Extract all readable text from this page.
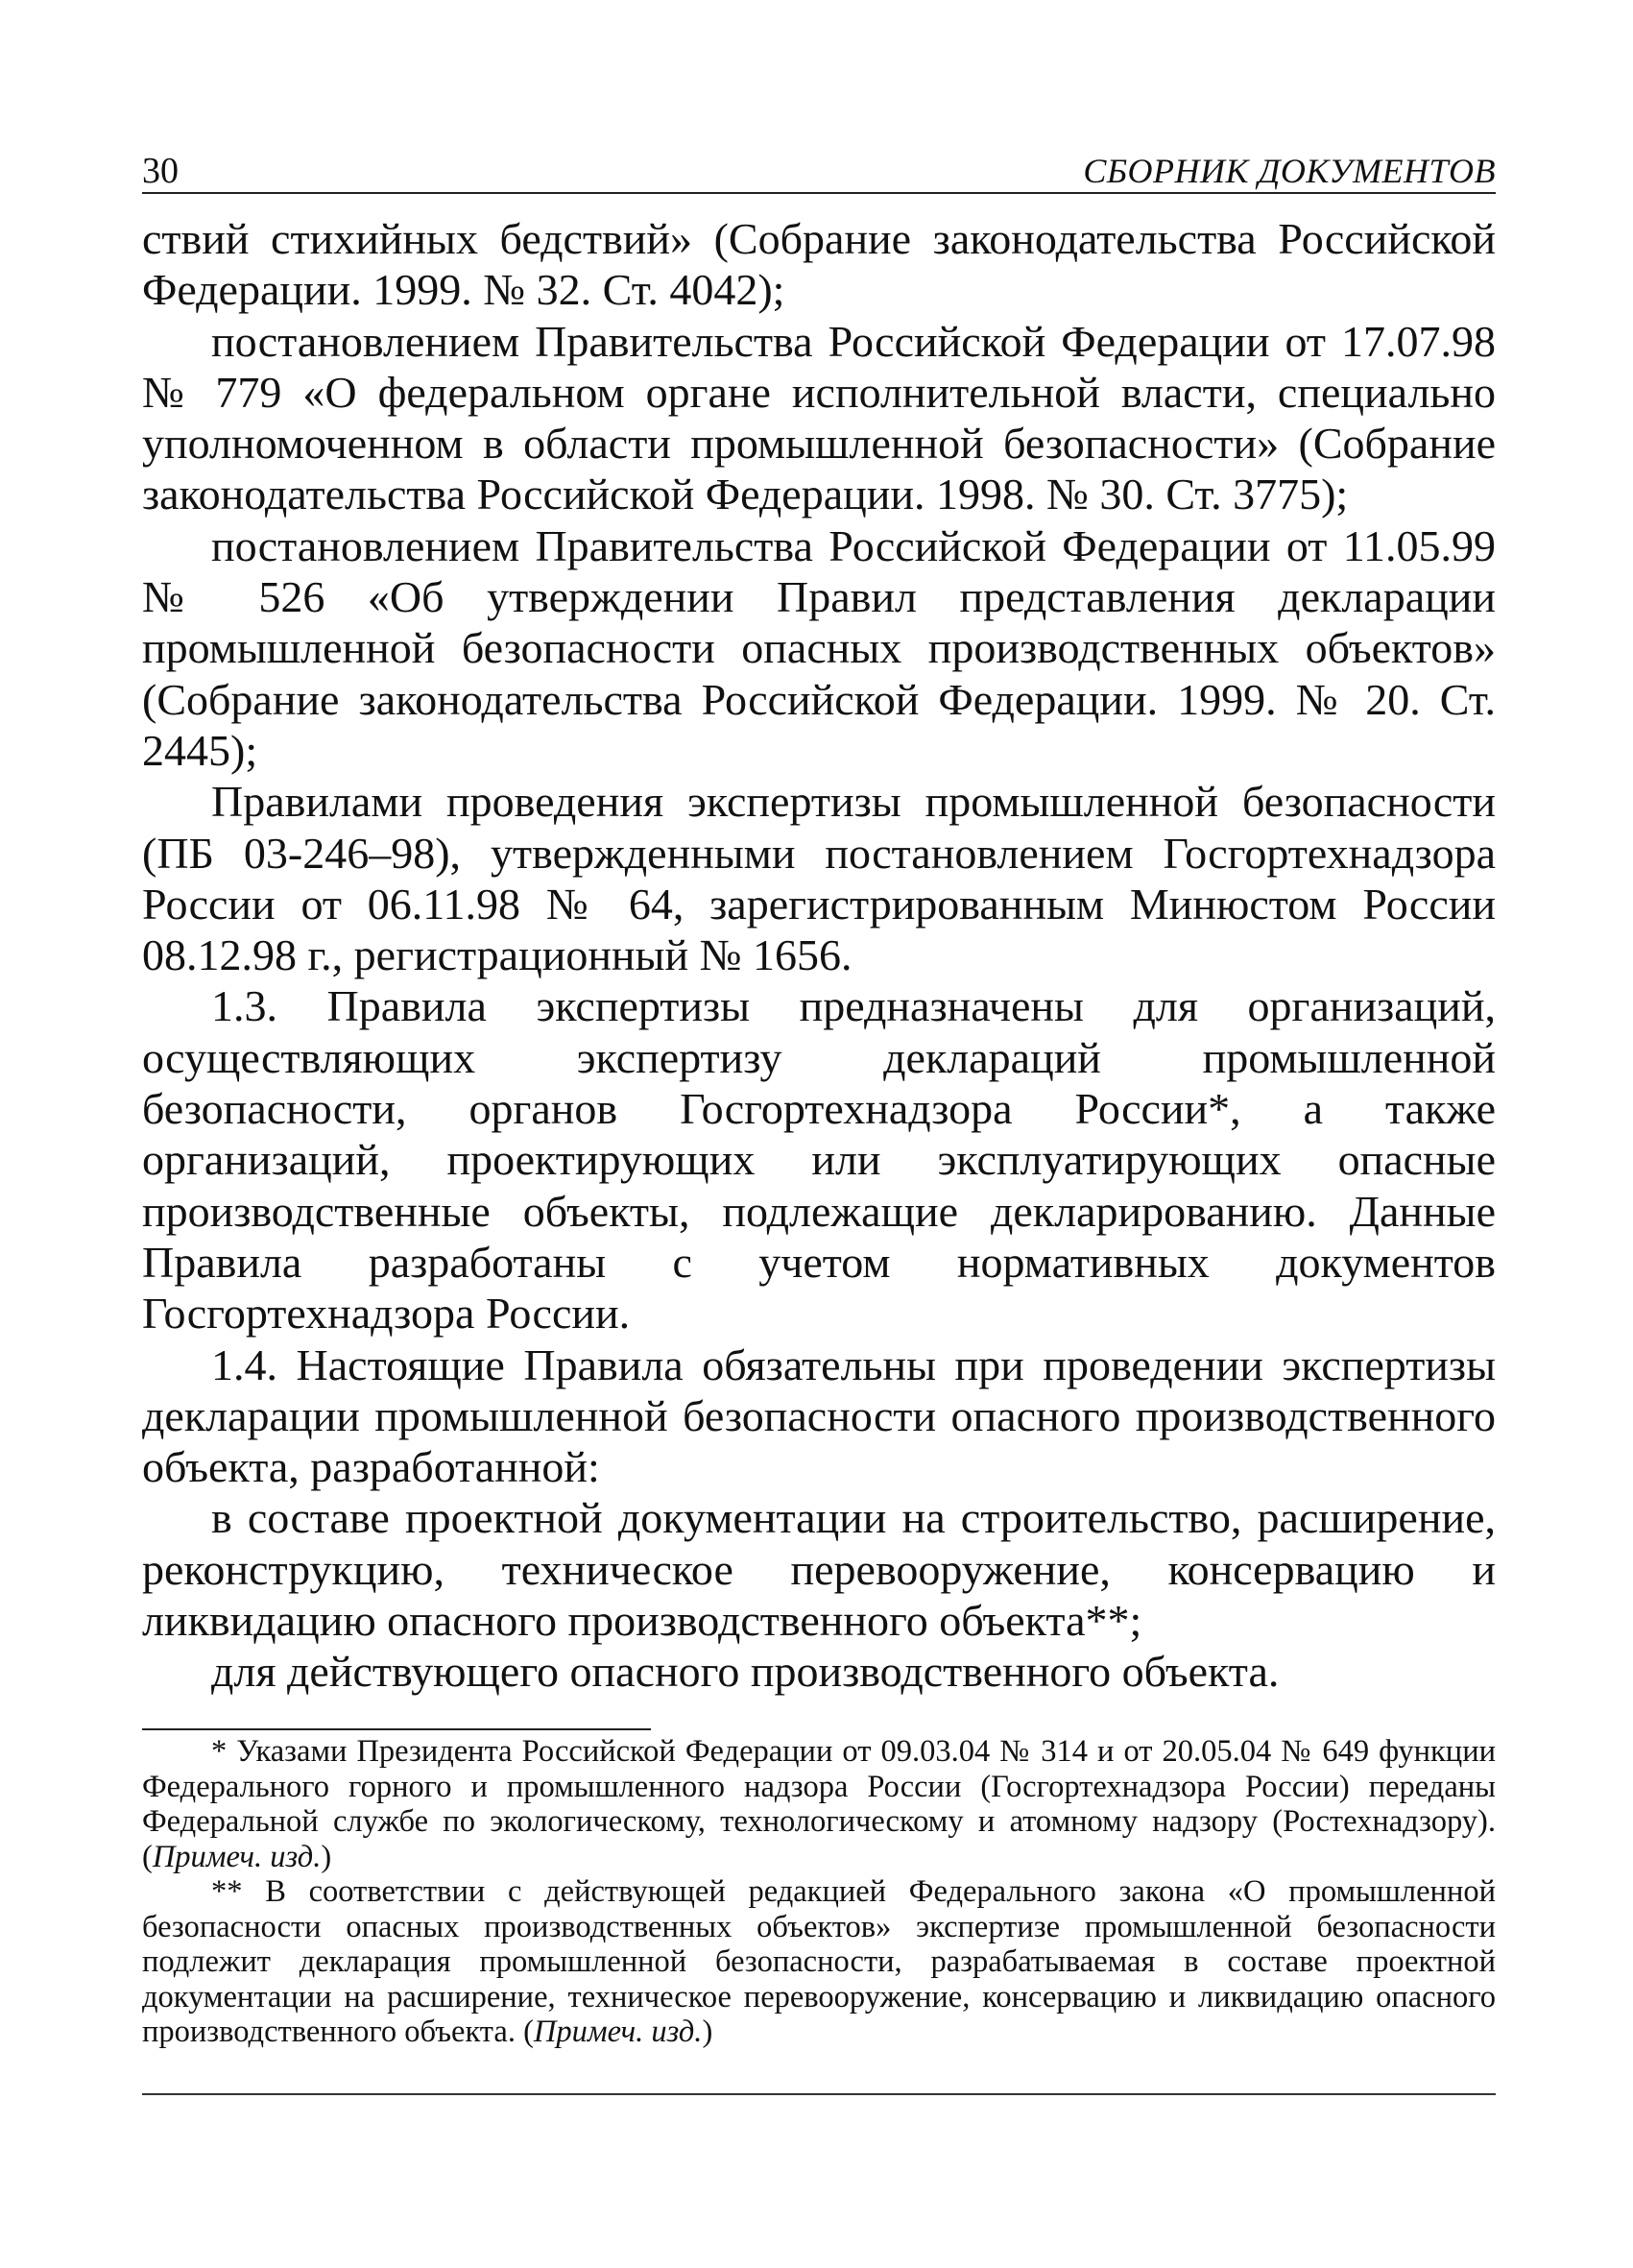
30	СБОРНИК ДОКУМЕНТОВ

ствий стихийных бедствий» (Собрание законодательства Российской Федерации. 1999. № 32. Ст. 4042);

постановлением Правительства Российской Федерации от 17.07.98 № 779 «О федеральном органе исполнительной власти, специально уполномоченном в области промышленной безопасности» (Собрание законодательства Российской Федерации. 1998. № 30. Ст. 3775);

постановлением Правительства Российской Федерации от 11.05.99 № 526 «Об утверждении Правил представления декларации промышленной безопасности опасных производственных объектов» (Собрание законодательства Российской Федерации. 1999. № 20. Ст. 2445);

Правилами проведения экспертизы промышленной безопасности (ПБ 03-246–98), утвержденными постановлением Госгортехнадзора России от 06.11.98 № 64, зарегистрированным Минюстом России 08.12.98 г., регистрационный № 1656.

1.3. Правила экспертизы предназначены для организаций, осуществляющих экспертизу деклараций промышленной безопасности, органов Госгортехнадзора России*, а также организаций, проектирующих или эксплуатирующих опасные производственные объекты, подлежащие декларированию. Данные Правила разработаны с учетом нормативных документов Госгортехнадзора России.

1.4. Настоящие Правила обязательны при проведении экспертизы декларации промышленной безопасности опасного производственного объекта, разработанной:

в составе проектной документации на строительство, расширение, реконструкцию, техническое перевооружение, консервацию и ликвидацию опасного производственного объекта**;

для действующего опасного производственного объекта.

* Указами Президента Российской Федерации от 09.03.04 № 314 и от 20.05.04 № 649 функции Федерального горного и промышленного надзора России (Госгортехнадзора России) переданы Федеральной службе по экологическому, технологическому и атомному надзору (Ростехнадзору). (Примеч. изд.)

** В соответствии с действующей редакцией Федерального закона «О промышленной безопасности опасных производственных объектов» экспертизе промышленной безопасности подлежит декларация промышленной безопасности, разрабатываемая в составе проектной документации на расширение, техническое перевооружение, консервацию и ликвидацию опасного производственного объекта. (Примеч. изд.)
